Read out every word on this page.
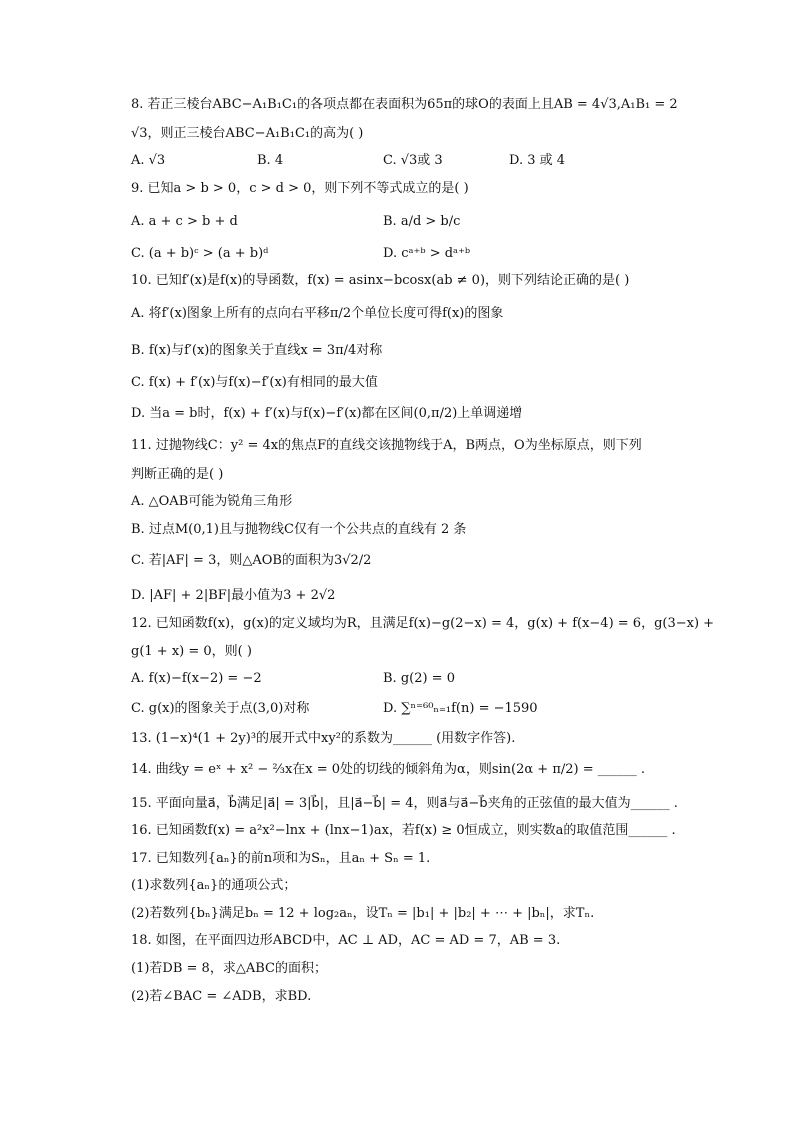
8. 若正三棱台ABC−A₁B₁C₁的各项点都在表面积为65π的球O的表面上且AB = 4√3,A₁B₁ = 2
√3，则正三棱台ABC−A₁B₁C₁的高为( )
A. √3	B. 4	C. √3或 3	D. 3 或 4
9. 已知a > b > 0，c > d > 0，则下列不等式成立的是( )
A. a + c > b + d	B. a/d > b/c
C. (a + b)ᶜ > (a + b)ᵈ	D. cᵃ⁺ᵇ > dᵃ⁺ᵇ
10. 已知f′(x)是f(x)的导函数，f(x) = asinx−bcosx(ab ≠ 0)，则下列结论正确的是( )
A. 将f′(x)图象上所有的点向右平移π/2个单位长度可得f(x)的图象
B. f(x)与f′(x)的图象关于直线x = 3π/4对称
C. f(x) + f′(x)与f(x)−f′(x)有相同的最大值
D. 当a = b时，f(x) + f′(x)与f(x)−f′(x)都在区间(0,π/2)上单调递增
11. 过抛物线C：y² = 4x的焦点F的直线交该抛物线于A，B两点，O为坐标原点，则下列
判断正确的是( )
A. △OAB可能为锐角三角形
B. 过点M(0,1)且与抛物线C仅有一个公共点的直线有 2 条
C. 若|AF| = 3，则△AOB的面积为3√2/2
D. |AF| + 2|BF|最小值为3 + 2√2
12. 已知函数f(x)，g(x)的定义域均为R，且满足f(x)−g(2−x) = 4，g(x) + f(x−4) = 6，g(3−x) +
g(1 + x) = 0，则( )
A. f(x)−f(x−2) = −2	B. g(2) = 0
C. g(x)的图象关于点(3,0)对称	D. ∑ⁿ⁼⁶⁰ₙ₌₁f(n) = −1590
13. (1−x)⁴(1 + 2y)³的展开式中xy²的系数为______ (用数字作答).
14. 曲线y = eˣ + x² − ⅔x在x = 0处的切线的倾斜角为α，则sin(2α + π/2) = ______ .
15. 平面向量a⃗，b⃗满足|a⃗| = 3|b⃗|，且|a⃗−b⃗| = 4，则a⃗与a⃗−b⃗夹角的正弦值的最大值为______ .
16. 已知函数f(x) = a²x²−lnx + (lnx−1)ax，若f(x) ≥ 0恒成立，则实数a的取值范围______ .
17. 已知数列{aₙ}的前n项和为Sₙ，且aₙ + Sₙ = 1.
(1)求数列{aₙ}的通项公式；
(2)若数列{bₙ}满足bₙ = 12 + log₂aₙ，设Tₙ = |b₁| + |b₂| + ⋯ + |bₙ|，求Tₙ.
18. 如图，在平面四边形ABCD中，AC ⊥ AD，AC = AD = 7，AB = 3.
(1)若DB = 8，求△ABC的面积；
(2)若∠BAC = ∠ADB，求BD.
